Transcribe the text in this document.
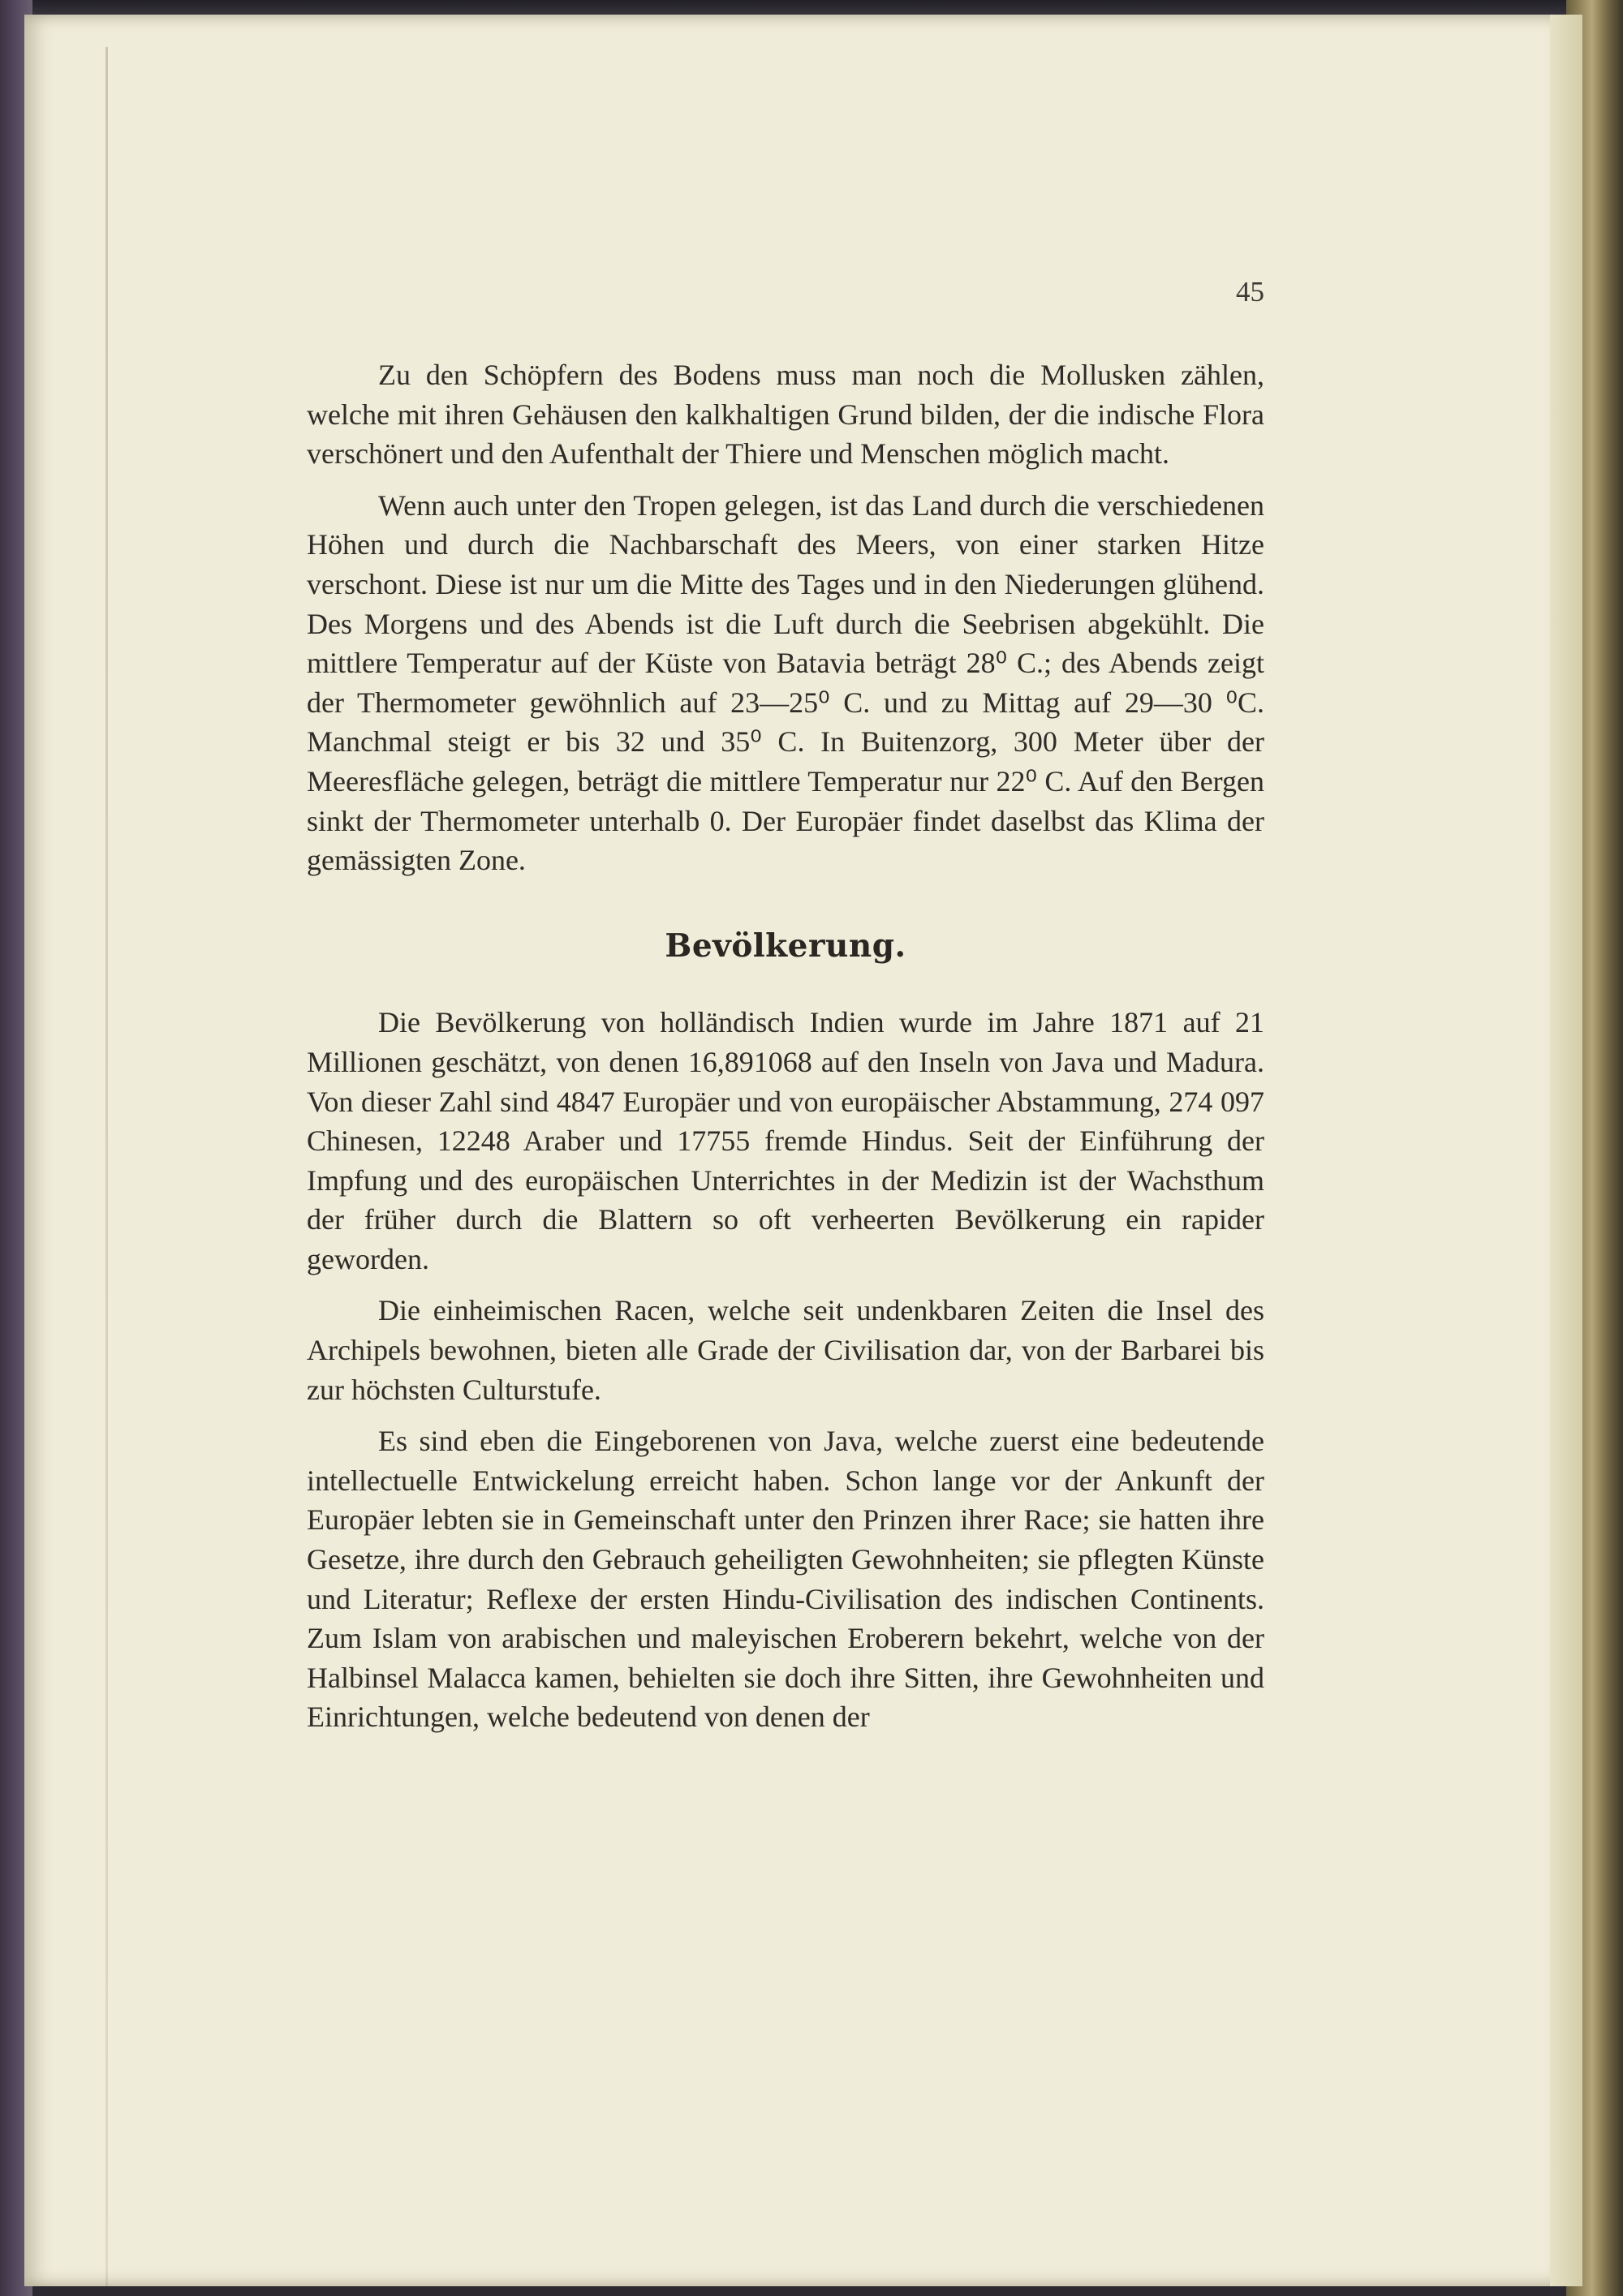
45

Zu den Schöpfern des Bodens muss man noch die Mollusken zählen, welche mit ihren Gehäusen den kalkhaltigen Grund bilden, der die indische Flora verschönert und den Aufenthalt der Thiere und Menschen möglich macht.

Wenn auch unter den Tropen gelegen, ist das Land durch die verschiedenen Höhen und durch die Nachbarschaft des Meers, von einer starken Hitze verschont. Diese ist nur um die Mitte des Tages und in den Niederungen glühend. Des Morgens und des Abends ist die Luft durch die Seebrisen abgekühlt. Die mittlere Temperatur auf der Küste von Batavia beträgt 28⁰ C.; des Abends zeigt der Thermometer gewöhnlich auf 23—25⁰ C. und zu Mittag auf 29—30 ⁰C. Manchmal steigt er bis 32 und 35⁰ C. In Buitenzorg, 300 Meter über der Meeresfläche gelegen, beträgt die mittlere Temperatur nur 22⁰ C. Auf den Bergen sinkt der Thermometer unterhalb 0. Der Europäer findet daselbst das Klima der gemässigten Zone.

Bevölkerung.

Die Bevölkerung von holländisch Indien wurde im Jahre 1871 auf 21 Millionen geschätzt, von denen 16,891068 auf den Inseln von Java und Madura. Von dieser Zahl sind 4847 Europäer und von europäischer Abstammung, 274 097 Chinesen, 12248 Araber und 17755 fremde Hindus. Seit der Einführung der Impfung und des europäischen Unterrichtes in der Medizin ist der Wachsthum der früher durch die Blattern so oft verheerten Bevölkerung ein rapider geworden.

Die einheimischen Racen, welche seit undenkbaren Zeiten die Insel des Archipels bewohnen, bieten alle Grade der Civilisation dar, von der Barbarei bis zur höchsten Culturstufe.

Es sind eben die Eingeborenen von Java, welche zuerst eine bedeutende intellectuelle Entwickelung erreicht haben. Schon lange vor der Ankunft der Europäer lebten sie in Gemeinschaft unter den Prinzen ihrer Race; sie hatten ihre Gesetze, ihre durch den Gebrauch geheiligten Gewohnheiten; sie pflegten Künste und Literatur; Reflexe der ersten Hindu-Civilisation des indischen Continents. Zum Islam von arabischen und maleyischen Eroberern bekehrt, welche von der Halbinsel Malacca kamen, behielten sie doch ihre Sitten, ihre Gewohnheiten und Einrichtungen, welche bedeutend von denen der
